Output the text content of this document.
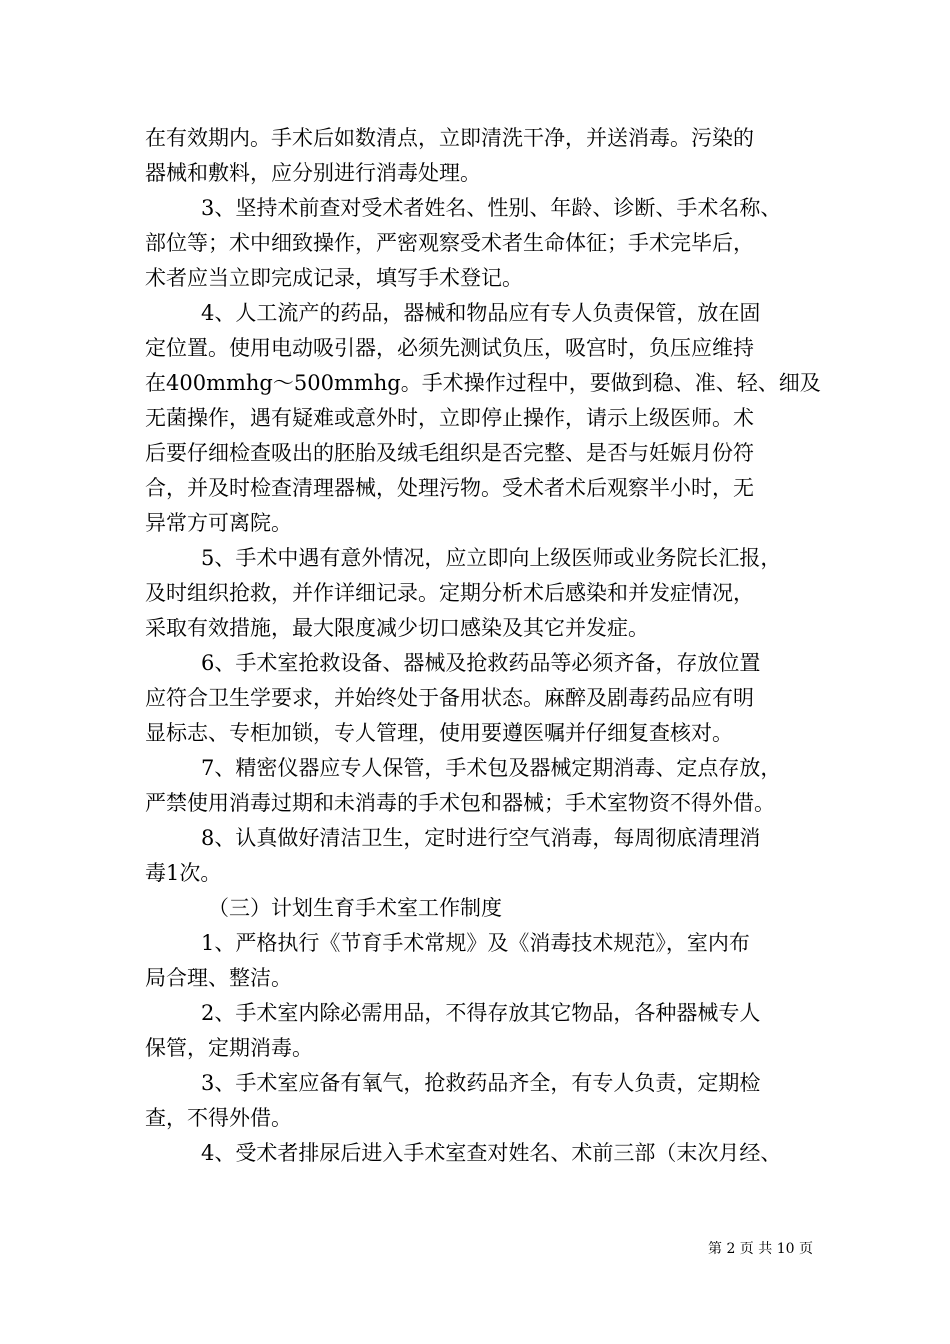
在有效期内。手术后如数清点，立即清洗干净，并送消毒。污染的
器械和敷料，应分别进行消毒处理。
3、坚持术前查对受术者姓名、性别、年龄、诊断、手术名称、
部位等；术中细致操作，严密观察受术者生命体征；手术完毕后，
术者应当立即完成记录，填写手术登记。
4、人工流产的药品，器械和物品应有专人负责保管，放在固
定位置。使用电动吸引器，必须先测试负压，吸宫时，负压应维持
在400mmhg～500mmhg。手术操作过程中，要做到稳、准、轻、细及
无菌操作，遇有疑难或意外时，立即停止操作，请示上级医师。术
后要仔细检查吸出的胚胎及绒毛组织是否完整、是否与妊娠月份符
合，并及时检查清理器械，处理污物。受术者术后观察半小时，无
异常方可离院。
5、手术中遇有意外情况，应立即向上级医师或业务院长汇报，
及时组织抢救，并作详细记录。定期分析术后感染和并发症情况，
采取有效措施，最大限度减少切口感染及其它并发症。
6、手术室抢救设备、器械及抢救药品等必须齐备，存放位置
应符合卫生学要求，并始终处于备用状态。麻醉及剧毒药品应有明
显标志、专柜加锁，专人管理，使用要遵医嘱并仔细复查核对。
7、精密仪器应专人保管，手术包及器械定期消毒、定点存放，
严禁使用消毒过期和未消毒的手术包和器械；手术室物资不得外借。
8、认真做好清洁卫生，定时进行空气消毒，每周彻底清理消
毒1次。
（三）计划生育手术室工作制度
1、严格执行《节育手术常规》及《消毒技术规范》，室内布
局合理、整洁。
2、手术室内除必需用品，不得存放其它物品，各种器械专人
保管，定期消毒。
3、手术室应备有氧气，抢救药品齐全，有专人负责，定期检
查，不得外借。
4、受术者排尿后进入手术室查对姓名、术前三部（末次月经、
第 2 页 共 10 页
